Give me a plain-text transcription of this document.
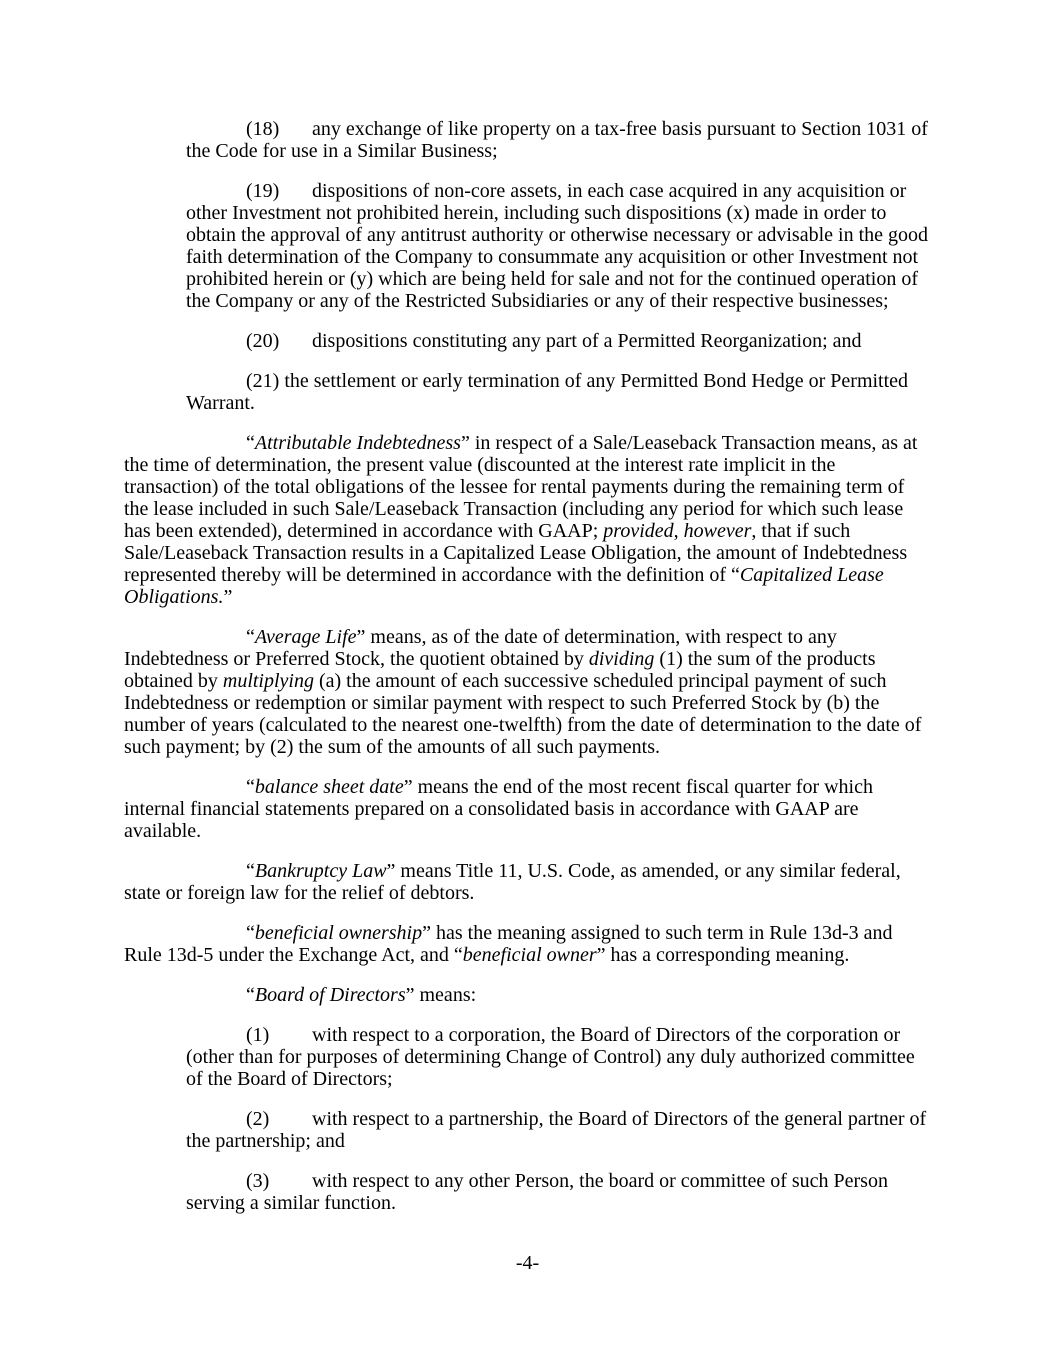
(18) any exchange of like property on a tax-free basis pursuant to Section 1031 of the Code for use in a Similar Business;

(19) dispositions of non-core assets, in each case acquired in any acquisition or other Investment not prohibited herein, including such dispositions (x) made in order to obtain the approval of any antitrust authority or otherwise necessary or advisable in the good faith determination of the Company to consummate any acquisition or other Investment not prohibited herein or (y) which are being held for sale and not for the continued operation of the Company or any of the Restricted Subsidiaries or any of their respective businesses;

(20) dispositions constituting any part of a Permitted Reorganization; and

(21) the settlement or early termination of any Permitted Bond Hedge or Permitted Warrant.

“Attributable Indebtedness” in respect of a Sale/Leaseback Transaction means, as at the time of determination, the present value (discounted at the interest rate implicit in the transaction) of the total obligations of the lessee for rental payments during the remaining term of the lease included in such Sale/Leaseback Transaction (including any period for which such lease has been extended), determined in accordance with GAAP; provided, however, that if such Sale/Leaseback Transaction results in a Capitalized Lease Obligation, the amount of Indebtedness represented thereby will be determined in accordance with the definition of “Capitalized Lease Obligations.”

“Average Life” means, as of the date of determination, with respect to any Indebtedness or Preferred Stock, the quotient obtained by dividing (1) the sum of the products obtained by multiplying (a) the amount of each successive scheduled principal payment of such Indebtedness or redemption or similar payment with respect to such Preferred Stock by (b) the number of years (calculated to the nearest one-twelfth) from the date of determination to the date of such payment; by (2) the sum of the amounts of all such payments.

“balance sheet date” means the end of the most recent fiscal quarter for which internal financial statements prepared on a consolidated basis in accordance with GAAP are available.

“Bankruptcy Law” means Title 11, U.S. Code, as amended, or any similar federal, state or foreign law for the relief of debtors.

“beneficial ownership” has the meaning assigned to such term in Rule 13d-3 and Rule 13d-5 under the Exchange Act, and “beneficial owner” has a corresponding meaning.

“Board of Directors” means:

(1) with respect to a corporation, the Board of Directors of the corporation or (other than for purposes of determining Change of Control) any duly authorized committee of the Board of Directors;

(2) with respect to a partnership, the Board of Directors of the general partner of the partnership; and

(3) with respect to any other Person, the board or committee of such Person serving a similar function.

-4-
